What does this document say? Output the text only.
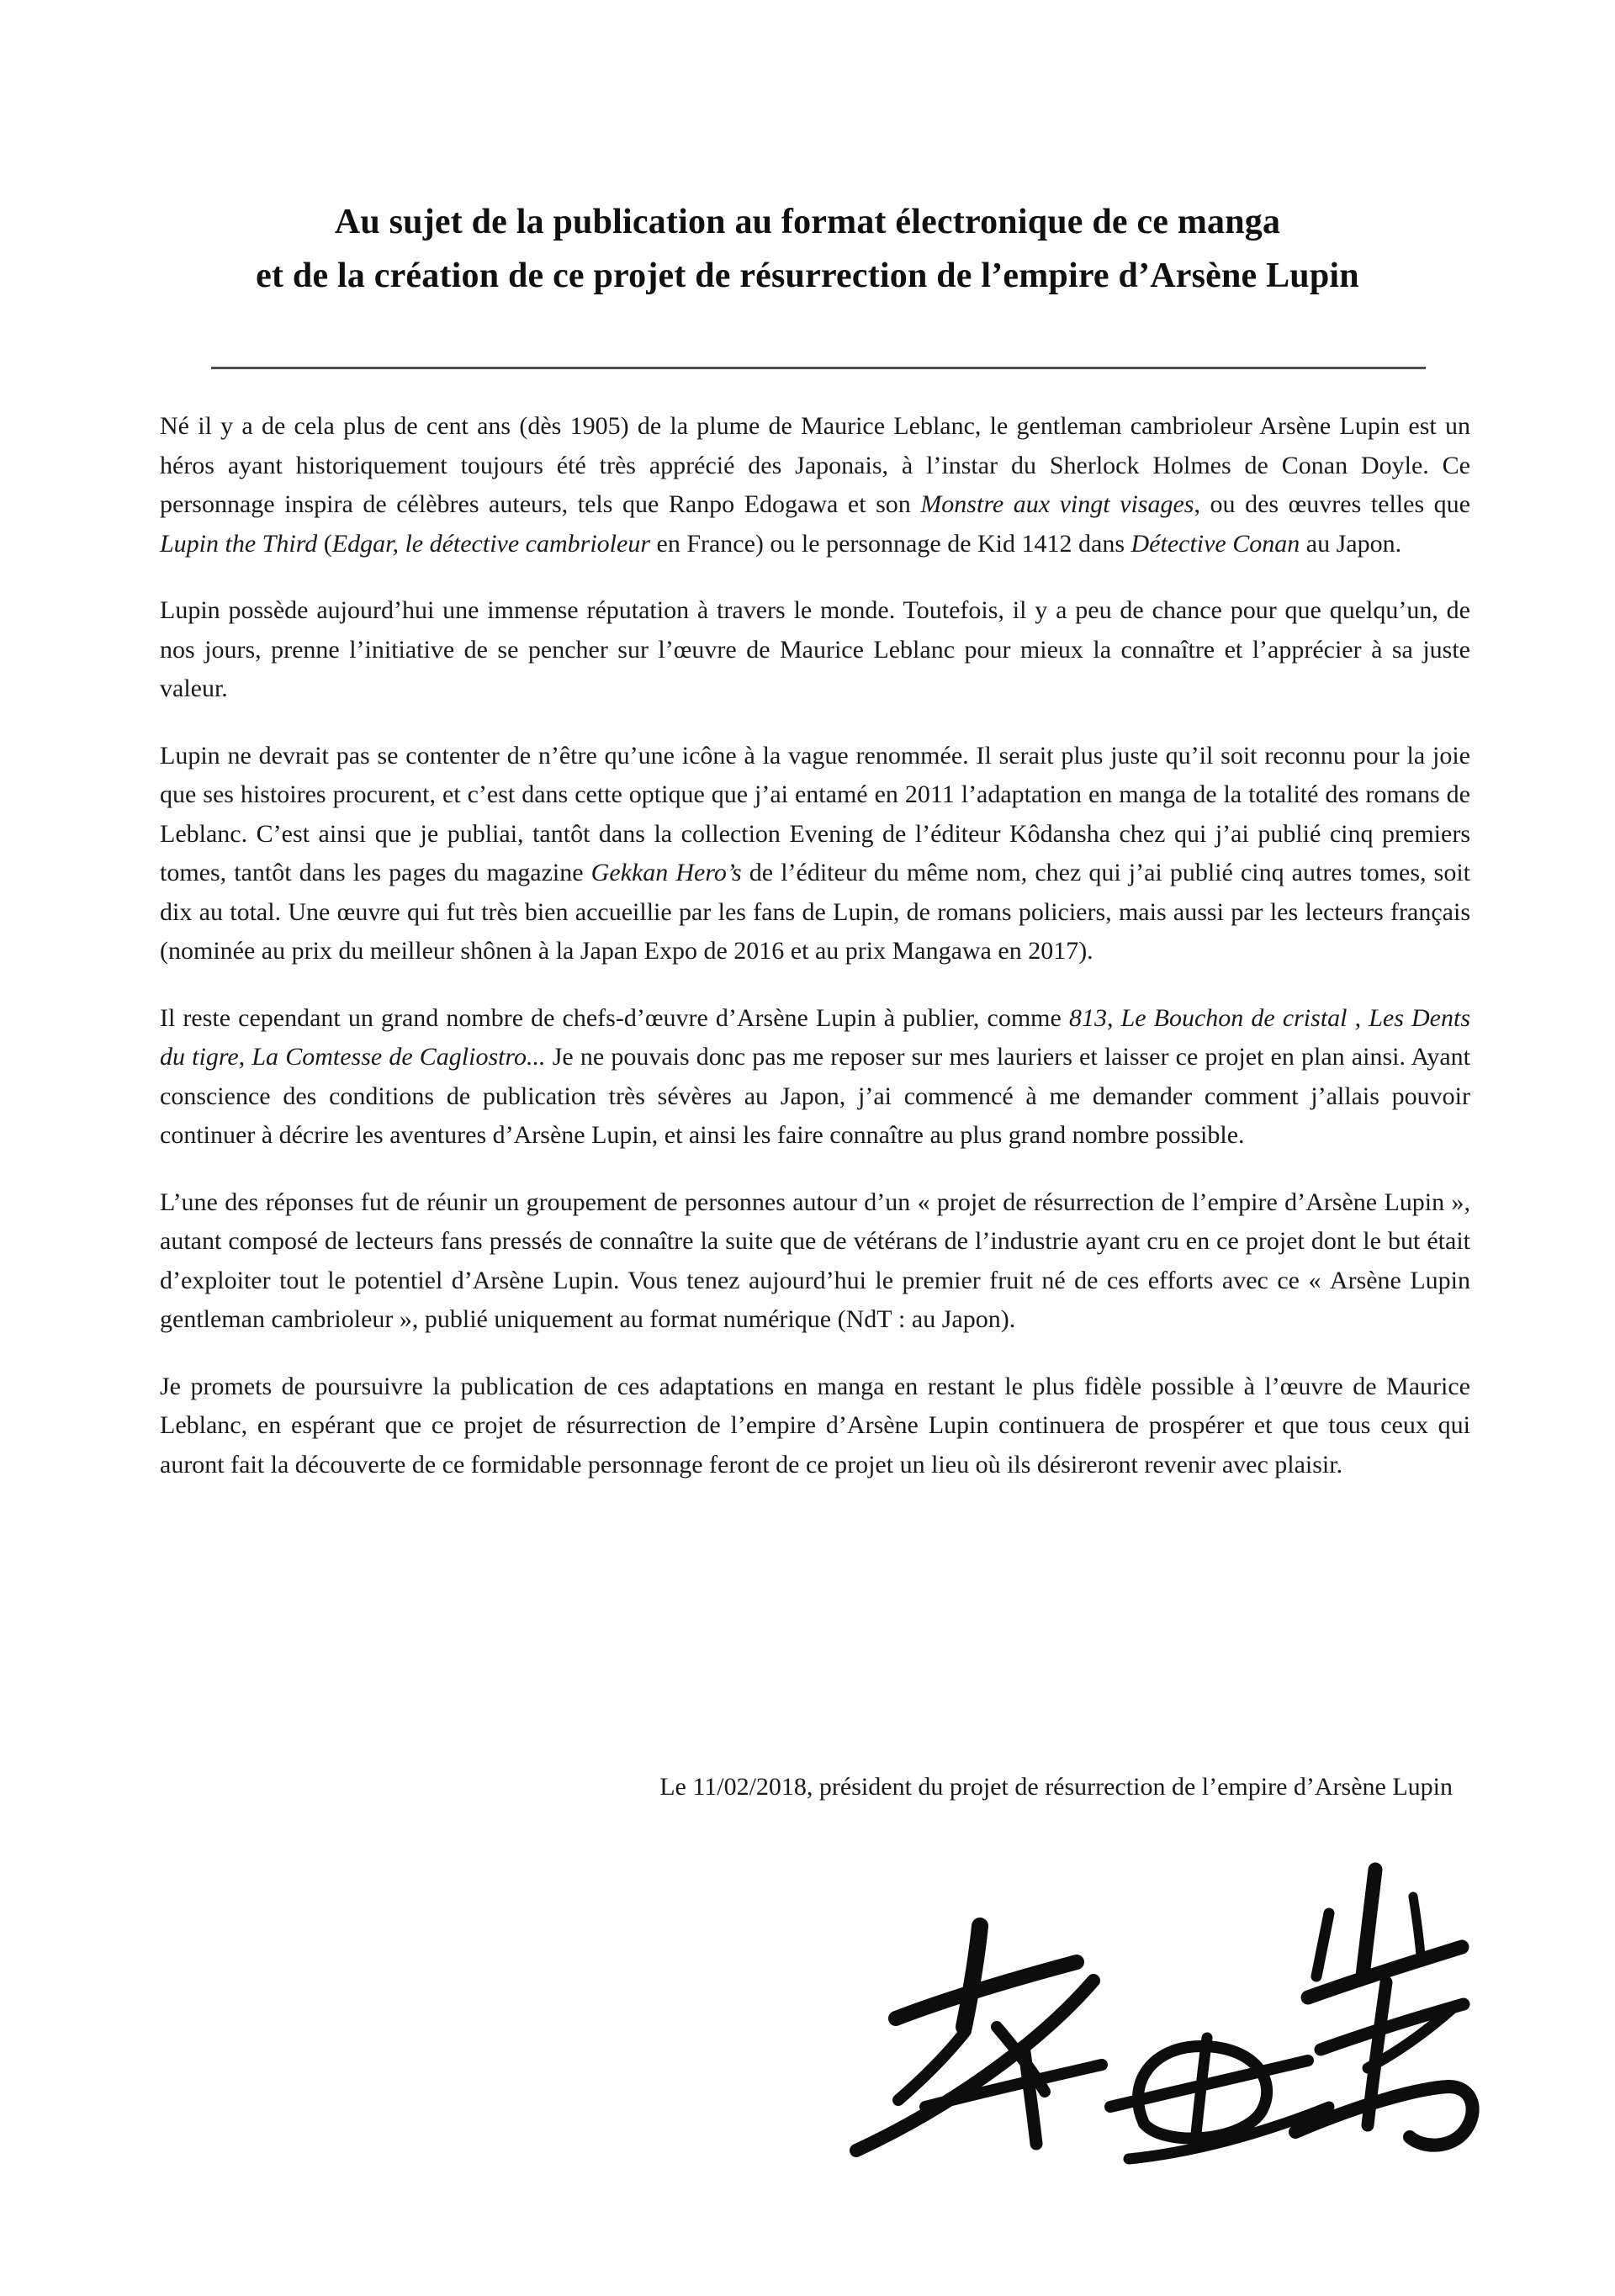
Au sujet de la publication au format électronique de ce manga
et de la création de ce projet de résurrection de l’empire d’Arsène Lupin

Né il y a de cela plus de cent ans (dès 1905) de la plume de Maurice Leblanc, le gentleman cambrioleur Arsène Lupin est un héros ayant historiquement toujours été très apprécié des Japonais, à l’instar du Sherlock Holmes de Conan Doyle. Ce personnage inspira de célèbres auteurs, tels que Ranpo Edogawa et son Monstre aux vingt visages, ou des œuvres telles que Lupin the Third (Edgar, le détective cambrioleur en France) ou le personnage de Kid 1412 dans Détective Conan au Japon.

Lupin possède aujourd’hui une immense réputation à travers le monde. Toutefois, il y a peu de chance pour que quelqu’un, de nos jours, prenne l’initiative de se pencher sur l’œuvre de Maurice Leblanc pour mieux la connaître et l’apprécier à sa juste valeur.

Lupin ne devrait pas se contenter de n’être qu’une icône à la vague renommée. Il serait plus juste qu’il soit reconnu pour la joie que ses histoires procurent, et c’est dans cette optique que j’ai entamé en 2011 l’adaptation en manga de la totalité des romans de Leblanc. C’est ainsi que je publiai, tantôt dans la collection Evening de l’éditeur Kôdansha chez qui j’ai publié cinq premiers tomes, tantôt dans les pages du magazine Gekkan Hero’s de l’éditeur du même nom, chez qui j’ai publié cinq autres tomes, soit dix au total. Une œuvre qui fut très bien accueillie par les fans de Lupin, de romans policiers, mais aussi par les lecteurs français (nominée au prix du meilleur shônen à la Japan Expo de 2016 et au prix Mangawa en 2017).

Il reste cependant un grand nombre de chefs-d’œuvre d’Arsène Lupin à publier, comme 813, Le Bouchon de cristal , Les Dents du tigre, La Comtesse de Cagliostro... Je ne pouvais donc pas me reposer sur mes lauriers et laisser ce projet en plan ainsi. Ayant conscience des conditions de publication très sévères au Japon, j’ai commencé à me demander comment j’allais pouvoir continuer à décrire les aventures d’Arsène Lupin, et ainsi les faire connaître au plus grand nombre possible.

L’une des réponses fut de réunir un groupement de personnes autour d’un « projet de résurrection de l’empire d’Arsène Lupin », autant composé de lecteurs fans pressés de connaître la suite que de vétérans de l’industrie ayant cru en ce projet dont le but était d’exploiter tout le potentiel d’Arsène Lupin. Vous tenez aujourd’hui le premier fruit né de ces efforts avec ce « Arsène Lupin gentleman cambrioleur », publié uniquement au format numérique (NdT : au Japon).

Je promets de poursuivre la publication de ces adaptations en manga en restant le plus fidèle possible à l’œuvre de Maurice Leblanc, en espérant que ce projet de résurrection de l’empire d’Arsène Lupin continuera de prospérer et que tous ceux qui auront fait la découverte de ce formidable personnage feront de ce projet un lieu où ils désireront revenir avec plaisir.

Le 11/02/2018, président du projet de résurrection de l’empire d’Arsène Lupin
